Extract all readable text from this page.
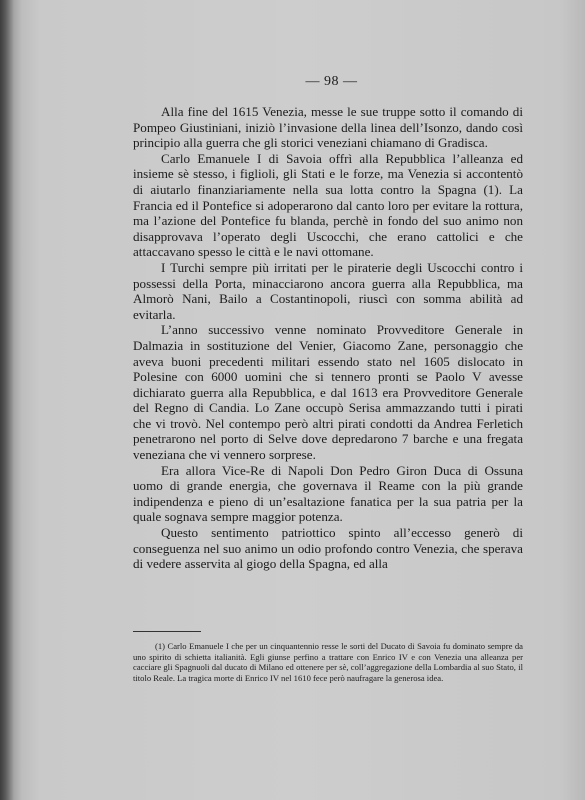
— 98 —

Alla fine del 1615 Venezia, messe le sue truppe sotto il comando di Pompeo Giustiniani, iniziò l’invasione della linea dell’Isonzo, dando così principio alla guerra che gli storici veneziani chiamano di Gradisca.

Carlo Emanuele I di Savoia offrì alla Repubblica l’alleanza ed insieme sè stesso, i figlioli, gli Stati e le forze, ma Venezia si accontentò di aiutarlo finanziariamente nella sua lotta contro la Spagna (1). La Francia ed il Pontefice si adoperarono dal canto loro per evitare la rottura, ma l’azione del Pontefice fu blanda, perchè in fondo del suo animo non disapprovava l’operato degli Uscocchi, che erano cattolici e che attaccavano spesso le città e le navi ottomane.

I Turchi sempre più irritati per le piraterie degli Uscocchi contro i possessi della Porta, minacciarono ancora guerra alla Repubblica, ma Almorò Nani, Bailo a Costantinopoli, riuscì con somma abilità ad evitarla.

L’anno successivo venne nominato Provveditore Generale in Dalmazia in sostituzione del Venier, Giacomo Zane, personaggio che aveva buoni precedenti militari essendo stato nel 1605 dislocato in Polesine con 6000 uomini che si tennero pronti se Paolo V avesse dichiarato guerra alla Repubblica, e dal 1613 era Provveditore Generale del Regno di Candia. Lo Zane occupò Serisa ammazzando tutti i pirati che vi trovò. Nel contempo però altri pirati condotti da Andrea Ferletich penetrarono nel porto di Selve dove depredarono 7 barche e una fregata veneziana che vi vennero sorprese.

Era allora Vice-Re di Napoli Don Pedro Giron Duca di Ossuna uomo di grande energia, che governava il Reame con la più grande indipendenza e pieno di un’esaltazione fanatica per la sua patria per la quale sognava sempre maggior potenza.

Questo sentimento patriottico spinto all’eccesso generò di conseguenza nel suo animo un odio profondo contro Venezia, che sperava di vedere asservita al giogo della Spagna, ed alla

(1) Carlo Emanuele I che per un cinquantennio resse le sorti del Ducato di Savoia fu dominato sempre da uno spirito di schietta italianità. Egli giunse perfino a trattare con Enrico IV e con Venezia una alleanza per cacciare gli Spagnuoli dal ducato di Milano ed ottenere per sè, coll’aggregazione della Lombardia al suo Stato, il titolo Reale. La tragica morte di Enrico IV nel 1610 fece però naufragare la generosa idea.
